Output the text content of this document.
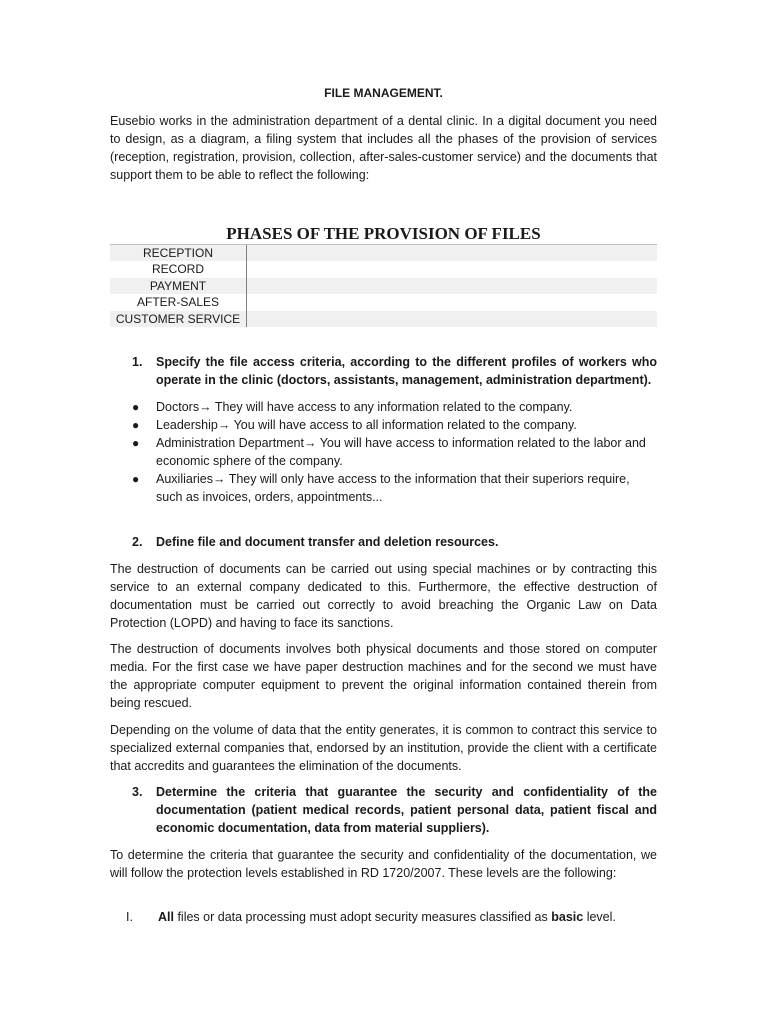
FILE MANAGEMENT.

Eusebio works in the administration department of a dental clinic. In a digital document you need to design, as a diagram, a filing system that includes all the phases of the provision of services (reception, registration, provision, collection, after-sales-customer service) and the documents that support them to be able to reflect the following:

PHASES OF THE PROVISION OF FILES
RECEPTION
RECORD
PAYMENT
AFTER-SALES
CUSTOMER SERVICE
1.	Specify the file access criteria, according to the different profiles of workers who operate in the clinic (doctors, assistants, management, administration department).
●	Doctors→ They will have access to any information related to the company.
●	Leadership→ You will have access to all information related to the company.
●	Administration Department→ You will have access to information related to the labor and economic sphere of the company.
●	Auxiliaries→ They will only have access to the information that their superiors require, such as invoices, orders, appointments...
2.	Define file and document transfer and deletion resources.

The destruction of documents can be carried out using special machines or by contracting this service to an external company dedicated to this. Furthermore, the effective destruction of documentation must be carried out correctly to avoid breaching the Organic Law on Data Protection (LOPD) and having to face its sanctions.

The destruction of documents involves both physical documents and those stored on computer media. For the first case we have paper destruction machines and for the second we must have the appropriate computer equipment to prevent the original information contained therein from being rescued.

Depending on the volume of data that the entity generates, it is common to contract this service to specialized external companies that, endorsed by an institution, provide the client with a certificate that accredits and guarantees the elimination of the documents.

3.	Determine the criteria that guarantee the security and confidentiality of the documentation (patient medical records, patient personal data, patient fiscal and economic documentation, data from material suppliers).

To determine the criteria that guarantee the security and confidentiality of the documentation, we will follow the protection levels established in RD 1720/2007. These levels are the following:

I.	All files or data processing must adopt security measures classified as basic level.
